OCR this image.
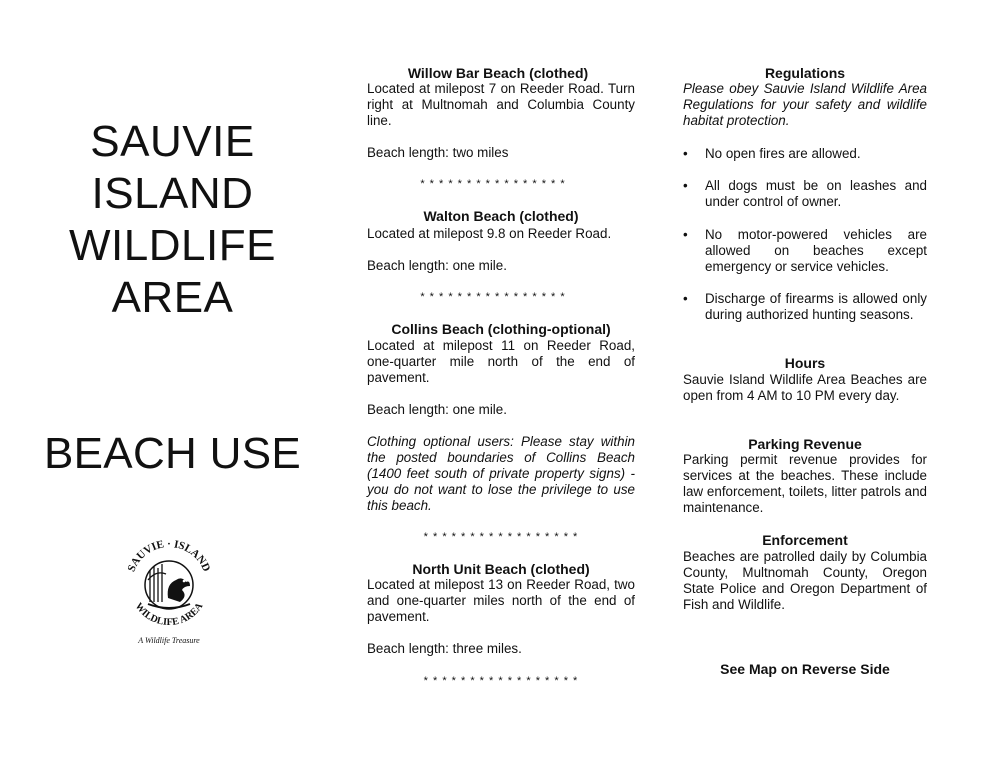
SAUVIE
ISLAND
WILDLIFE
AREA
BEACH USE
SAUVIE · ISLAND
WILDLIFE AREA
A Wildlife Treasure
Willow Bar Beach (clothed)

Located at milepost 7 on Reeder Road. Turn right at Multnomah and Columbia County line.

Beach length: two miles
* * * * * * * * * * * * * * * *
Walton Beach (clothed)

Located at milepost 9.8 on Reeder Road.

Beach length: one mile.
* * * * * * * * * * * * * * * *
Collins Beach (clothing-optional)

Located at milepost 11 on Reeder Road, one-quarter mile north of the end of pavement.

Beach length: one mile.

Clothing optional users: Please stay within the posted boundaries of Collins Beach (1400 feet south of private property signs) - you do not want to lose the privilege to use this beach.

* * * * * * * * * * * * * * * * *
North Unit Beach (clothed)

Located at milepost 13 on Reeder Road, two and one-quarter miles north of the end of pavement.

Beach length: three miles.
* * * * * * * * * * * * * * * * *
Regulations

Please obey Sauvie Island Wildlife Area Regulations for your safety and wildlife habitat protection.

• No open fires are allowed.
• All dogs must be on leashes and under control of owner.
• No motor-powered vehicles are allowed on beaches except emergency or service vehicles.
• Discharge of firearms is allowed only during authorized hunting seasons.
Hours

Sauvie Island Wildlife Area Beaches are open from 4 AM to 10 PM every day.

Parking Revenue

Parking permit revenue provides for services at the beaches. These include law enforcement, toilets, litter patrols and maintenance.

Enforcement

Beaches are patrolled daily by Columbia County, Multnomah County, Oregon State Police and Oregon Department of Fish and Wildlife.

See Map on Reverse Side
